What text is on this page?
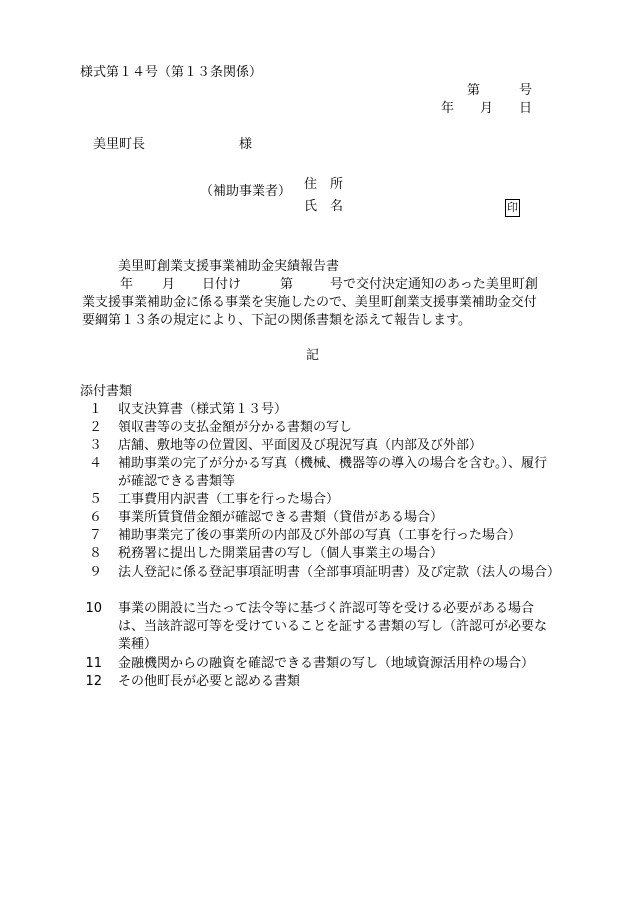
様式第１４号（第１３条関係）
第	号
年 月 日
美里町長	様
（補助事業者） 住　所
氏　名	印
美里町創業支援事業補助金実績報告書
年 月 日付け	第	号で交付決定通知のあった美里町創
業支援事業補助金に係る事業を実施したので、美里町創業支援事業補助金交付
要綱第１３条の規定により、下記の関係書類を添えて報告します。
記
添付書類
１ 収支決算書（様式第１３号）
２ 領収書等の支払金額が分かる書類の写し
３ 店舗、敷地等の位置図、平面図及び現況写真（内部及び外部）
４ 補助事業の完了が分かる写真（機械、機器等の導入の場合を含む。）、履行が確認できる書類等
５ 工事費用内訳書（工事を行った場合）
６ 事業所賃貸借金額が確認できる書類（貸借がある場合）
７ 補助事業完了後の事業所の内部及び外部の写真（工事を行った場合）
８ 税務署に提出した開業届書の写し（個人事業主の場合）
９ 法人登記に係る登記事項証明書（全部事項証明書）及び定款（法人の場合）
10 事業の開設に当たって法令等に基づく許認可等を受ける必要がある場合は、当該許認可等を受けていることを証する書類の写し（許認可が必要な業種）
11 金融機関からの融資を確認できる書類の写し（地域資源活用枠の場合）
12 その他町長が必要と認める書類
